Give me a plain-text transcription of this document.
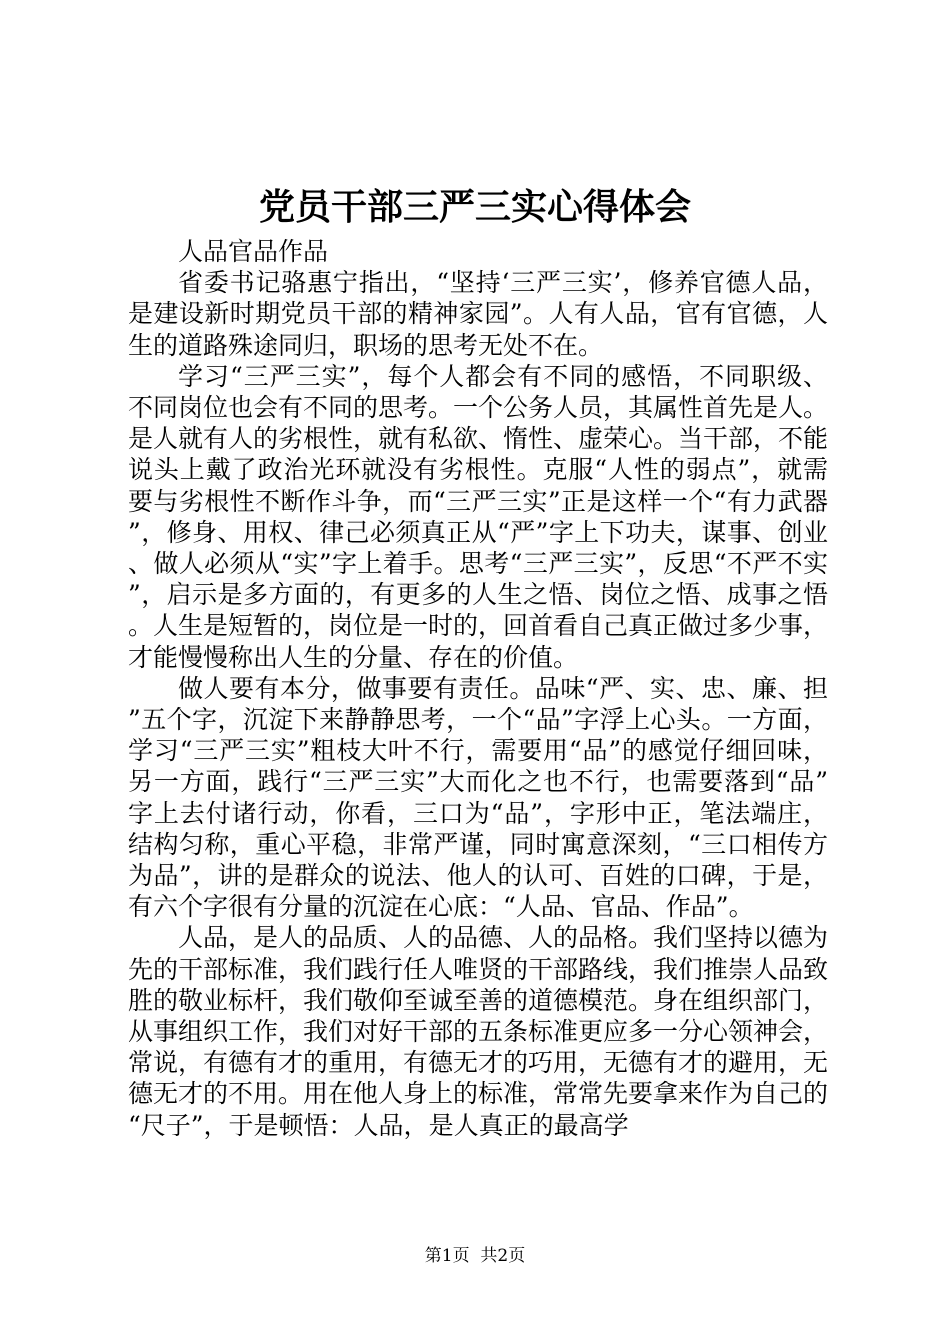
党员干部三严三实心得体会

人品官品作品

省委书记骆惠宁指出，“坚持‘三严三实’，修养官德人品，是建设新时期党员干部的精神家园”。人有人品，官有官德，人生的道路殊途同归，职场的思考无处不在。

学习“三严三实”，每个人都会有不同的感悟，不同职级、不同岗位也会有不同的思考。一个公务人员，其属性首先是人。是人就有人的劣根性，就有私欲、惰性、虚荣心。当干部，不能说头上戴了政治光环就没有劣根性。克服“人性的弱点”，就需要与劣根性不断作斗争，而“三严三实”正是这样一个“有力武器”，修身、用权、律己必须真正从“严”字上下功夫，谋事、创业、做人必须从“实”字上着手。思考“三严三实”，反思“不严不实”，启示是多方面的，有更多的人生之悟、岗位之悟、成事之悟。人生是短暂的，岗位是一时的，回首看自己真正做过多少事，才能慢慢称出人生的分量、存在的价值。

做人要有本分，做事要有责任。品味“严、实、忠、廉、担”五个字，沉淀下来静静思考，一个“品”字浮上心头。一方面，学习“三严三实”粗枝大叶不行，需要用“品”的感觉仔细回味，另一方面，践行“三严三实”大而化之也不行，也需要落到“品”字上去付诸行动，你看，三口为“品”，字形中正，笔法端庄，结构匀称，重心平稳，非常严谨，同时寓意深刻，“三口相传方为品”，讲的是群众的说法、他人的认可、百姓的口碑，于是，有六个字很有分量的沉淀在心底：“人品、官品、作品”。

人品，是人的品质、人的品德、人的品格。我们坚持以德为先的干部标准，我们践行任人唯贤的干部路线，我们推崇人品致胜的敬业标杆，我们敬仰至诚至善的道德模范。身在组织部门，从事组织工作，我们对好干部的五条标准更应多一分心领神会，常说，有德有才的重用，有德无才的巧用，无德有才的避用，无德无才的不用。用在他人身上的标准，常常先要拿来作为自己的“尺子”，于是顿悟：人品，是人真正的最高学

第1页 共2页
